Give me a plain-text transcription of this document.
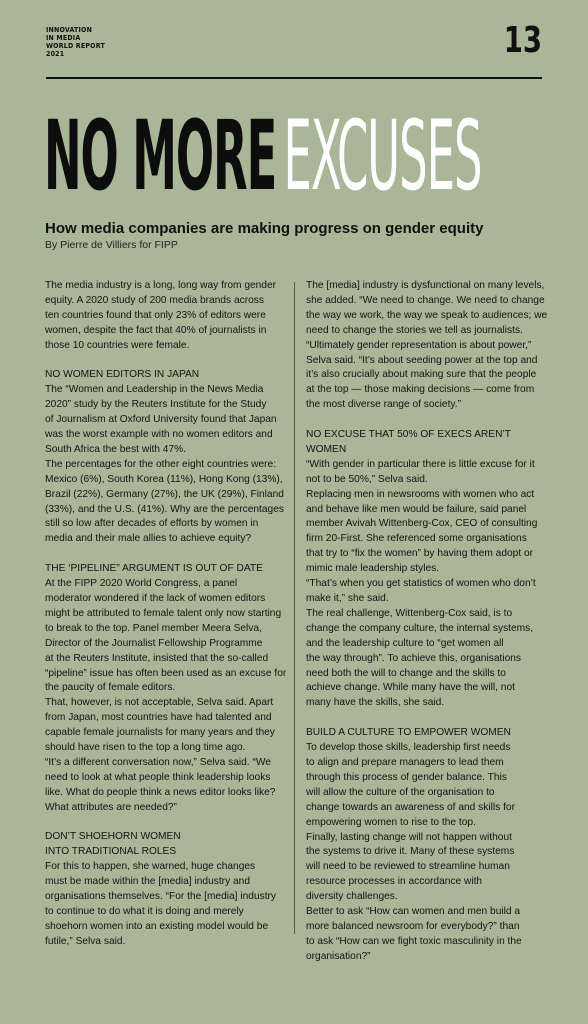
INNOVATION
IN MEDIA
WORLD REPORT
2021	13
NO MOREEXCUSES
How media companies are making progress on gender equity
By Pierre de Villiers for FIPP

The media industry is a long, long way from gender

equity. A 2020 study of 200 media brands across

ten countries found that only 23% of editors were

women, despite the fact that 40% of journalists in

those 10 countries were female.

NO WOMEN EDITORS IN JAPAN

The “Women and Leadership in the News Media

2020” study by the Reuters Institute for the Study

of Journalism at Oxford University found that Japan

was the worst example with no women editors and

South Africa the best with 47%.

The percentages for the other eight countries were:

Mexico (6%), South Korea (11%), Hong Kong (13%),

Brazil (22%), Germany (27%), the UK (29%), Finland

(33%), and the U.S. (41%). Why are the percentages

still so low after decades of efforts by women in

media and their male allies to achieve equity?

THE ‘PIPELINE” ARGUMENT IS OUT OF DATE

At the FIPP 2020 World Congress, a panel

moderator wondered if the lack of women editors

might be attributed to female talent only now starting

to break to the top. Panel member Meera Selva,

Director of the Journalist Fellowship Programme

at the Reuters Institute, insisted that the so-called

“pipeline” issue has often been used as an excuse for

the paucity of female editors.

That, however, is not acceptable, Selva said. Apart

from Japan, most countries have had talented and

capable female journalists for many years and they

should have risen to the top a long time ago.

“It’s a different conversation now,” Selva said. “We

need to look at what people think leadership looks

like. What do people think a news editor looks like?

What attributes are needed?”

DON’T SHOEHORN WOMEN

INTO TRADITIONAL ROLES

For this to happen, she warned, huge changes

must be made within the [media] industry and

organisations themselves. “For the [media] industry

to continue to do what it is doing and merely

shoehorn women into an existing model would be

futile,” Selva said.

The [media] industry is dysfunctional on many levels,

she added. “We need to change. We need to change

the way we work, the way we speak to audiences; we

need to change the stories we tell as journalists.

“Ultimately gender representation is about power,”

Selva said. “It’s about seeding power at the top and

it’s also crucially about making sure that the people

at the top — those making decisions — come from

the most diverse range of society.”

NO EXCUSE THAT 50% OF EXECS AREN’T WOMEN

“With gender in particular there is little excuse for it

not to be 50%,” Selva said.

Replacing men in newsrooms with women who act

and behave like men would be failure, said panel

member Avivah Wittenberg-Cox, CEO of consulting

firm 20-First. She referenced some organisations

that try to “fix the women” by having them adopt or

mimic male leadership styles.

“That’s when you get statistics of women who don’t

make it,” she said.

The real challenge, Wittenberg-Cox said, is to

change the company culture, the internal systems,

and the leadership culture to “get women all

the way through”. To achieve this, organisations

need both the will to change and the skills to

achieve change. While many have the will, not

many have the skills, she said.

BUILD A CULTURE TO EMPOWER WOMEN

To develop those skills, leadership first needs

to align and prepare managers to lead them

through this process of gender balance. This

will allow the culture of the organisation to

change towards an awareness of and skills for

empowering women to rise to the top.

Finally, lasting change will not happen without

the systems to drive it. Many of these systems

will need to be reviewed to streamline human

resource processes in accordance with

diversity challenges.

Better to ask “How can women and men build a

more balanced newsroom for everybody?” than

to ask “How can we fight toxic masculinity in the

organisation?”
